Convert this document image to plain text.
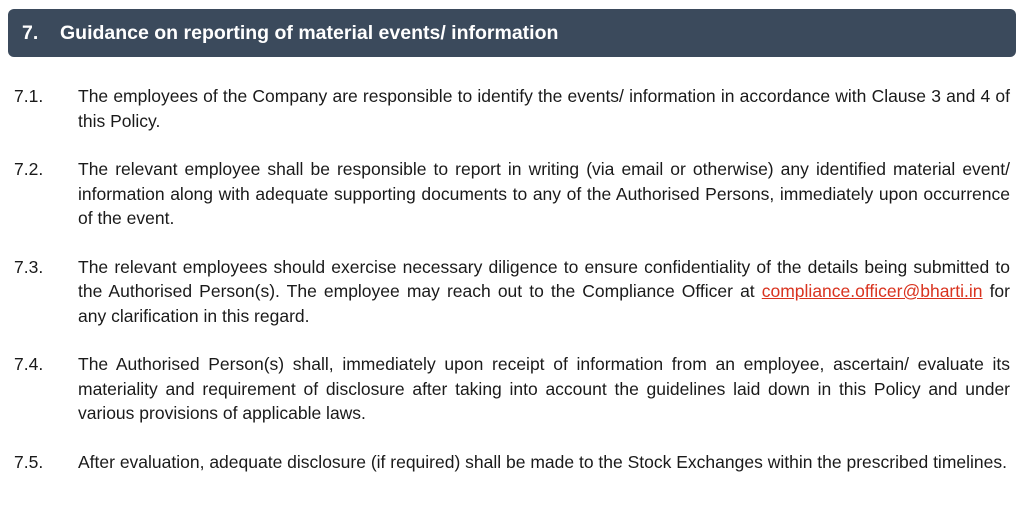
7.	Guidance on reporting of material events/ information
7.1.	The employees of the Company are responsible to identify the events/ information in accordance with Clause 3 and 4 of this Policy.
7.2.	The relevant employee shall be responsible to report in writing (via email or otherwise) any identified material event/ information along with adequate supporting documents to any of the Authorised Persons, immediately upon occurrence of the event.
7.3.	The relevant employees should exercise necessary diligence to ensure confidentiality of the details being submitted to the Authorised Person(s). The employee may reach out to the Compliance Officer at compliance.officer@bharti.in for any clarification in this regard.
7.4.	The Authorised Person(s) shall, immediately upon receipt of information from an employee, ascertain/ evaluate its materiality and requirement of disclosure after taking into account the guidelines laid down in this Policy and under various provisions of applicable laws.
7.5.	After evaluation, adequate disclosure (if required) shall be made to the Stock Exchanges within the prescribed timelines.
